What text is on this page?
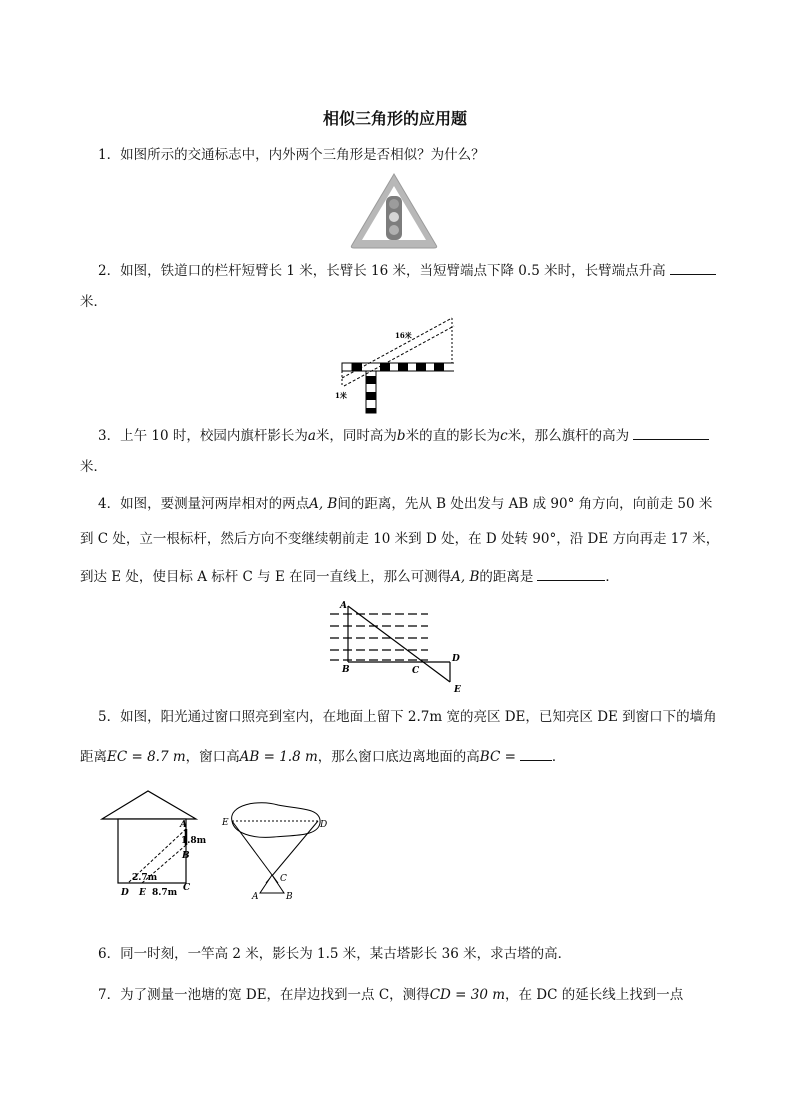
相似三角形的应用题
1．如图所示的交通标志中，内外两个三角形是否相似？为什么？
2．如图，铁道口的栏杆短臂长 1 米，长臂长 16 米，当短臂端点下降 0.5 米时，长臂端点升高
米．
16米
1米
3．上午 10 时，校园内旗杆影长为a米，同时高为b米的直的影长为c米，那么旗杆的高为
米．
4．如图，要测量河两岸相对的两点A, B间的距离，先从 B 处出发与 AB 成 90° 角方向，向前走 50 米
到 C 处，立一根标杆，然后方向不变继续朝前走 10 米到 D 处，在 D 处转 90°，沿 DE 方向再走 17 米，
到达 E 处，使目标 A 标杆 C 与 E 在同一直线上，那么可测得A, B的距离是	．
A
B	C
D
E
5．如图，阳光通过窗口照亮到室内，在地面上留下 2.7m 宽的亮区 DE，已知亮区 DE 到窗口下的墙角
距离EC = 8.7 m，窗口高AB = 1.8 m，那么窗口底边离地面的高BC =	．
A
1.8m
B
C
2.7m
D E 8.7m
E	D
C
A	B
6．同一时刻，一竿高 2 米，影长为 1.5 米，某古塔影长 36 米，求古塔的高．
7．为了测量一池塘的宽 DE，在岸边找到一点 C，测得CD = 30 m，在 DC 的延长线上找到一点
